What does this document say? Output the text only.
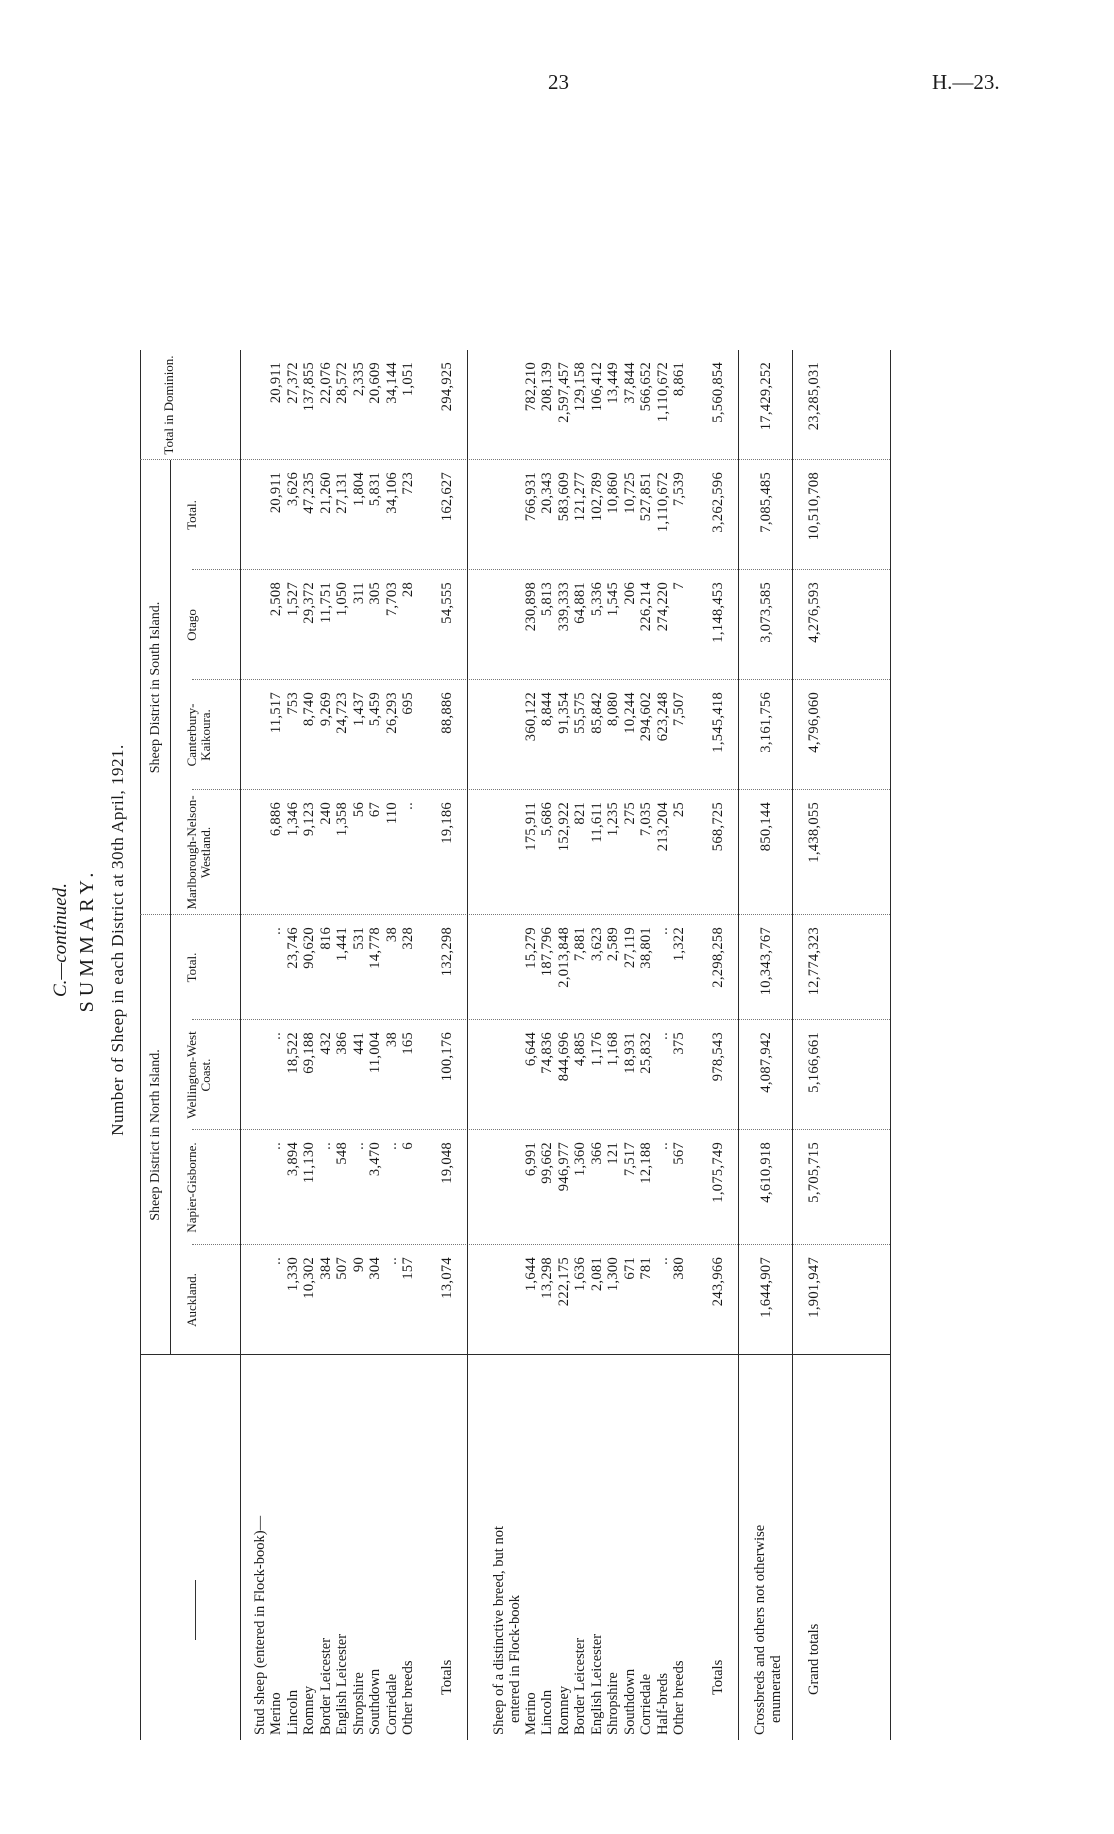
23	H.—23.
C.—continued. SUMMARY. Number of Sheep in each District at 30th April, 1921.
Sheep District in North Island.
Sheep District in South Island.
Auckland.
Napier-Gisborne.
Wellington-West Coast.
Total.
Marlborough-Nelson-Westland.
Canterbury-Kaikoura.
Otago
Total.
Total in Dominion.
Stud sheep (entered in Flock-book)— Merino
..
..
..
..
6,886
11,517
2,508
20,911
20,911
Lincoln
1,330
3,894
18,522
23,746
1,346
753
1,527
3,626
27,372
Romney
10,302
11,130
69,188
90,620
9,123
8,740
29,372
47,235
137,855
Border Leicester
384
..
432
816
240
9,269
11,751
21,260
22,076
English Leicester
507
548
386
1,441
1,358
24,723
1,050
27,131
28,572
Shropshire
90
..
441
531
56
1,437
311
1,804
2,335
Southdown
304
3,470
11,004
14,778
67
5,459
305
5,831
20,609
Corriedale
..
..
38
38
110
26,293
7,703
34,106
34,144
Other breeds
157
6
165
328
..
695
28
723
1,051
Totals
13,074
19,048
100,176
132,298
19,186
88,886
54,555
162,627
294,925
Sheep of a distinctive breed, but not entered in Flock-book Merino
1,644
6,991
6,644
15,279
175,911
360,122
230,898
766,931
782,210
Lincoln
13,298
99,662
74,836
187,796
5,686
8,844
5,813
20,343
208,139
Romney
222,175
946,977
844,696
2,013,848
152,922
91,354
339,333
583,609
2,597,457
Border Leicester
1,636
1,360
4,885
7,881
821
55,575
64,881
121,277
129,158
English Leicester
2,081
366
1,176
3,623
11,611
85,842
5,336
102,789
106,412
Shropshire
1,300
121
1,168
2,589
1,235
8,080
1,545
10,860
13,449
Southdown
671
7,517
18,931
27,119
275
10,244
206
10,725
37,844
Corriedale
781
12,188
25,832
38,801
7,035
294,602
226,214
527,851
566,652
Half-breds
..
..
..
..
213,204
623,248
274,220
1,110,672
1,110,672
Other breeds
380
567
375
1,322
25
7,507
7
7,539
8,861
Totals
243,966
1,075,749
978,543
2,298,258
568,725
1,545,418
1,148,453
3,262,596
5,560,854
Crossbreds and others not otherwise enumerated
1,644,907
4,610,918
4,087,942
10,343,767
850,144
3,161,756
3,073,585
7,085,485
17,429,252
Grand totals
1,901,947
5,705,715
5,166,661
12,774,323
1,438,055
4,796,060
4,276,593
10,510,708
23,285,031
